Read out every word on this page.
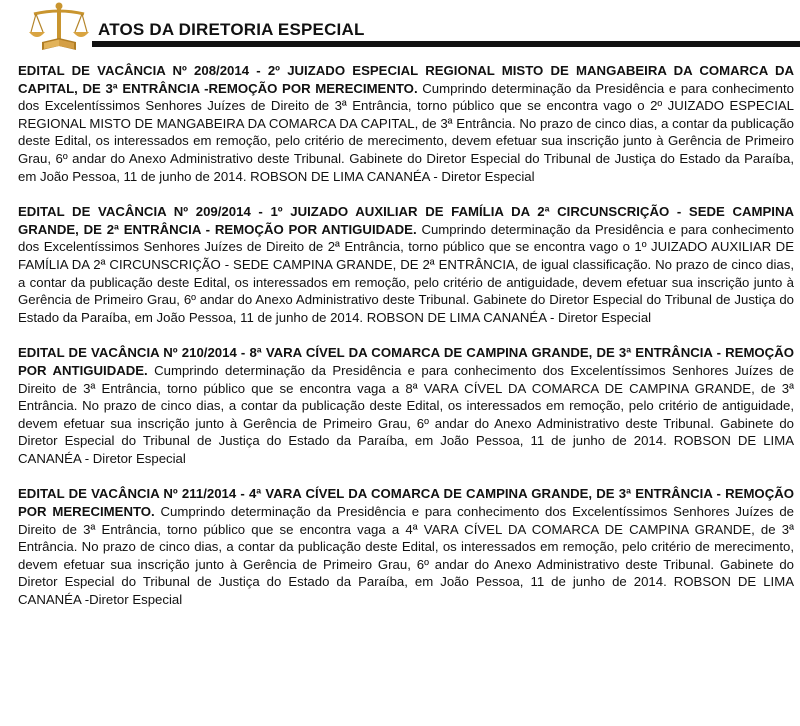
ATOS DA DIRETORIA ESPECIAL

EDITAL DE VACÂNCIA Nº 208/2014 - 2º JUIZADO ESPECIAL REGIONAL MISTO DE MANGABEIRA DA COMARCA DA CAPITAL, DE 3ª ENTRÂNCIA -REMOÇÃO POR MERECIMENTO. Cumprindo determinação da Presidência e para conhecimento dos Excelentíssimos Senhores Juízes de Direito de 3ª Entrância, torno público que se encontra vago o 2º JUIZADO ESPECIAL REGIONAL MISTO DE MANGABEIRA DA COMARCA DA CAPITAL, de 3ª Entrância. No prazo de cinco dias, a contar da publicação deste Edital, os interessados em remoção, pelo critério de merecimento, devem efetuar sua inscrição junto à Gerência de Primeiro Grau, 6º andar do Anexo Administrativo deste Tribunal. Gabinete do Diretor Especial do Tribunal de Justiça do Estado da Paraíba, em João Pessoa, 11 de junho de 2014. ROBSON DE LIMA CANANÉA - Diretor Especial

EDITAL DE VACÂNCIA Nº 209/2014 - 1º JUIZADO AUXILIAR DE FAMÍLIA DA 2ª CIRCUNSCRIÇÃO - SEDE CAMPINA GRANDE, DE 2ª ENTRÂNCIA - REMOÇÃO POR ANTIGUIDADE. Cumprindo determinação da Presidência e para conhecimento dos Excelentíssimos Senhores Juízes de Direito de 2ª Entrância, torno público que se encontra vago o 1º JUIZADO AUXILIAR DE FAMÍLIA DA 2ª CIRCUNSCRIÇÃO - SEDE CAMPINA GRANDE, DE 2ª ENTRÂNCIA, de igual classificação. No prazo de cinco dias, a contar da publicação deste Edital, os interessados em remoção, pelo critério de antiguidade, devem efetuar sua inscrição junto à Gerência de Primeiro Grau, 6º andar do Anexo Administrativo deste Tribunal. Gabinete do Diretor Especial do Tribunal de Justiça do Estado da Paraíba, em João Pessoa, 11 de junho de 2014. ROBSON DE LIMA CANANÉA - Diretor Especial

EDITAL DE VACÂNCIA Nº 210/2014 - 8ª VARA CÍVEL DA COMARCA DE CAMPINA GRANDE, DE 3ª ENTRÂNCIA - REMOÇÃO POR ANTIGUIDADE. Cumprindo determinação da Presidência e para conhecimento dos Excelentíssimos Senhores Juízes de Direito de 3ª Entrância, torno público que se encontra vaga a 8ª VARA CÍVEL DA COMARCA DE CAMPINA GRANDE, de 3ª Entrância. No prazo de cinco dias, a contar da publicação deste Edital, os interessados em remoção, pelo critério de antiguidade, devem efetuar sua inscrição junto à Gerência de Primeiro Grau, 6º andar do Anexo Administrativo deste Tribunal. Gabinete do Diretor Especial do Tribunal de Justiça do Estado da Paraíba, em João Pessoa, 11 de junho de 2014. ROBSON DE LIMA CANANÉA - Diretor Especial

EDITAL DE VACÂNCIA Nº 211/2014 - 4ª VARA CÍVEL DA COMARCA DE CAMPINA GRANDE, DE 3ª ENTRÂNCIA - REMOÇÃO POR MERECIMENTO. Cumprindo determinação da Presidência e para conhecimento dos Excelentíssimos Senhores Juízes de Direito de 3ª Entrância, torno público que se encontra vaga a 4ª VARA CÍVEL DA COMARCA DE CAMPINA GRANDE, de 3ª Entrância. No prazo de cinco dias, a contar da publicação deste Edital, os interessados em remoção, pelo critério de merecimento, devem efetuar sua inscrição junto à Gerência de Primeiro Grau, 6º andar do Anexo Administrativo deste Tribunal. Gabinete do Diretor Especial do Tribunal de Justiça do Estado da Paraíba, em João Pessoa, 11 de junho de 2014. ROBSON DE LIMA CANANÉA -Diretor Especial
